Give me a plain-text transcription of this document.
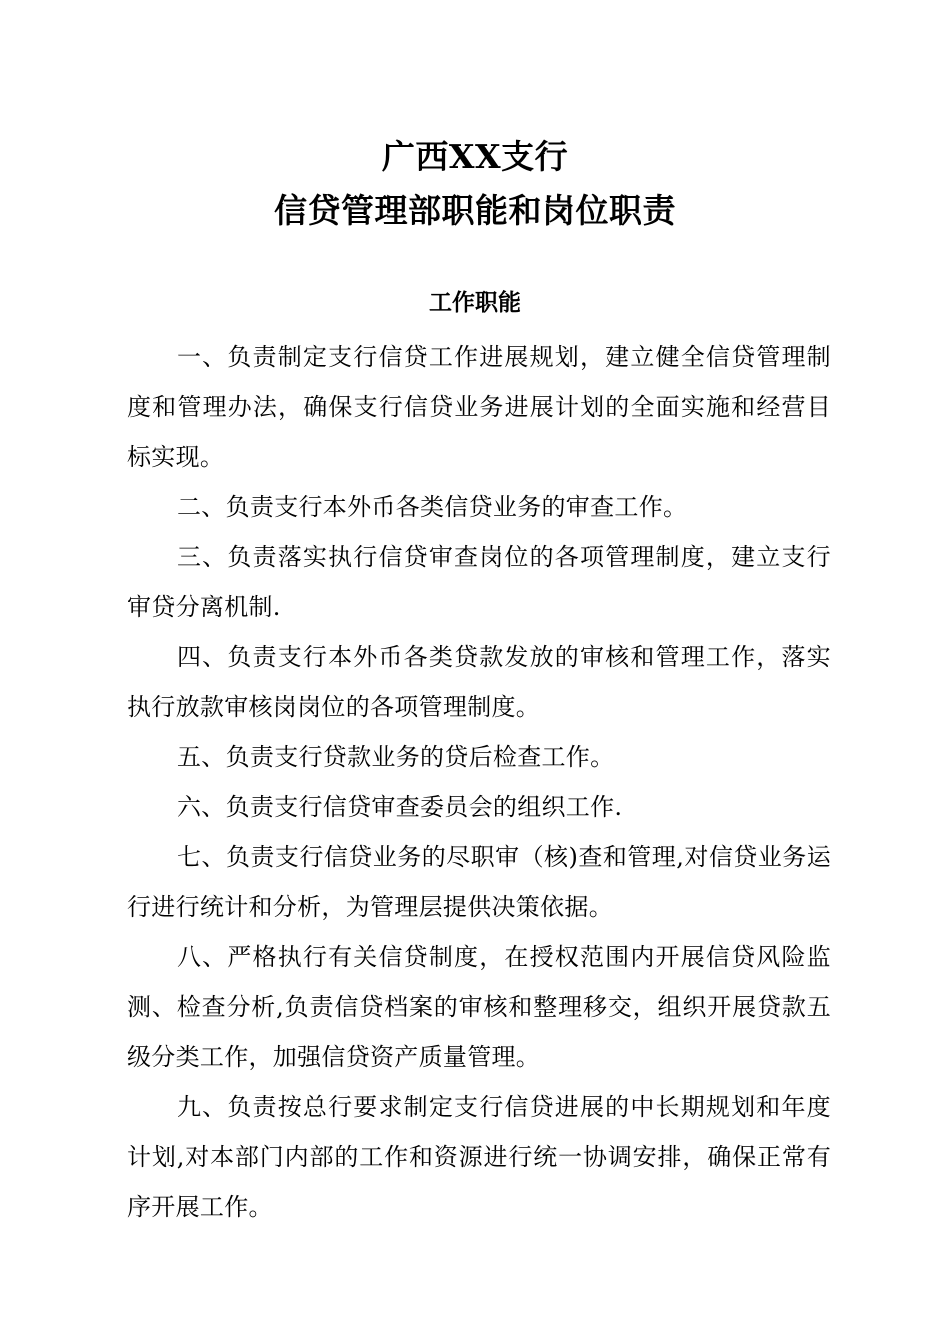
广西XX支行
信贷管理部职能和岗位职责
工作职能

一、负责制定支行信贷工作进展规划，建立健全信贷管理制度和管理办法，确保支行信贷业务进展计划的全面实施和经营目标实现。

二、负责支行本外币各类信贷业务的审查工作。

三、负责落实执行信贷审查岗位的各项管理制度，建立支行审贷分离机制.

四、负责支行本外币各类贷款发放的审核和管理工作，落实执行放款审核岗岗位的各项管理制度。

五、负责支行贷款业务的贷后检查工作。

六、负责支行信贷审查委员会的组织工作.

七、负责支行信贷业务的尽职审（核)查和管理,对信贷业务运行进行统计和分析，为管理层提供决策依据。

八、严格执行有关信贷制度，在授权范围内开展信贷风险监测、检查分析,负责信贷档案的审核和整理移交，组织开展贷款五级分类工作，加强信贷资产质量管理。

九、负责按总行要求制定支行信贷进展的中长期规划和年度计划,对本部门内部的工作和资源进行统一协调安排，确保正常有序开展工作。
